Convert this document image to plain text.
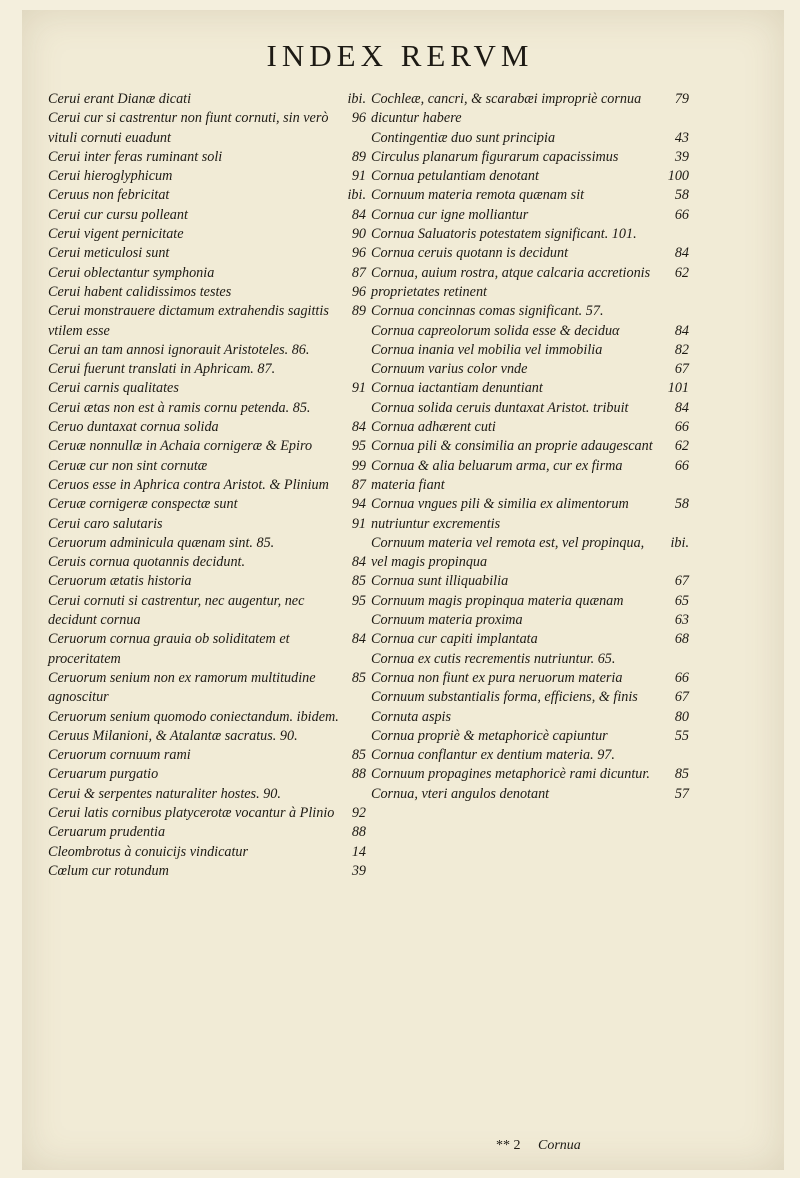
INDEX RERVM
ibi.
Cerui erant Dianæ dicati
96
Cerui cur si castrentur non fiunt cornuti, sin verò vituli cornuti euadunt
89
Cerui inter feras ruminant soli
91
Cerui hieroglyphicum
ibi.
Ceruus non febricitat
84
Cerui cur cursu polleant
90
Cerui vigent pernicitate
96
Cerui meticulosi sunt
87
Cerui oblectantur symphonia
96
Cerui habent calidissimos testes
89
Cerui monstrauere dictamum extrahendis sagittis vtilem esse
Cerui an tam annosi ignorauit Aristoteles. 86.
Cerui fuerunt translati in Aphricam. 87.
91
Cerui carnis qualitates
Cerui ætas non est à ramis cornu petenda. 85.
84
Ceruo duntaxat cornua solida
95
Ceruæ nonnullæ in Achaia cornigeræ & Epiro
99
Ceruæ cur non sint cornutæ
87
Ceruos esse in Aphrica contra Aristot. & Plinium
94
Ceruæ cornigeræ conspectæ sunt
91
Cerui caro salutaris
Ceruorum adminicula quænam sint. 85.
84
Ceruis cornua quotannis decidunt.
85
Ceruorum ætatis historia
95
Cerui cornuti si castrentur, nec augentur, nec decidunt cornua
84
Ceruorum cornua grauia ob soliditatem et proceritatem
85
Ceruorum senium non ex ramorum multitudine agnoscitur
Ceruorum senium quomodo coniectandum. ibidem.
Ceruus Milanioni, & Atalantæ sacratus. 90.
85
Ceruorum cornuum rami
88
Ceruarum purgatio
Cerui & serpentes naturaliter hostes. 90.
92
Cerui latis cornibus platycerotæ vocantur à Plinio
88
Ceruarum prudentia
14
Cleombrotus à conuicijs vindicatur
39
Cœlum cur rotundum
79
Cochleæ, cancri, & scarabæi impropriè cornua dicuntur habere
43
Contingentiæ duo sunt principia
39
Circulus planarum figurarum capacissimus
100
Cornua petulantiam denotant
58
Cornuum materia remota quænam sit
66
Cornua cur igne molliantur
Cornua Saluatoris potestatem significant. 101.
84
Cornua ceruis quotann is decidunt
62
Cornua, auium rostra, atque calcaria accretionis proprietates retinent
Cornua concinnas comas significant. 57.
84
Cornua capreolorum solida esse & deciduα
82
Cornua inania vel mobilia vel immobilia
67
Cornuum varius color vnde
101
Cornua iactantiam denuntiant
84
Cornua solida ceruis duntaxat Aristot. tribuit
66
Cornua adhærent cuti
62
Cornua pili & consimilia an proprie adaugescant
66
Cornua & alia beluarum arma, cur ex firma materia fiant
58
Cornua vngues pili & similia ex alimentorum nutriuntur excrementis
ibi.
Cornuum materia vel remota est, vel propinqua, vel magis propinqua
67
Cornua sunt illiquabilia
65
Cornuum magis propinqua materia quænam
63
Cornuum materia proxima
68
Cornua cur capiti implantata
Cornua ex cutis recrementis nutriuntur. 65.
66
Cornua non fiunt ex pura neruorum materia
67
Cornuum substantialis forma, efficiens, & finis
80
Cornuta aspis
55
Cornua propriè & metaphoricè capiuntur
Cornua conflantur ex dentium materia. 97.
85
Cornuum propagines metaphoricè rami dicuntur.
57
Cornua, vteri angulos denotant
** 2 Cornua
